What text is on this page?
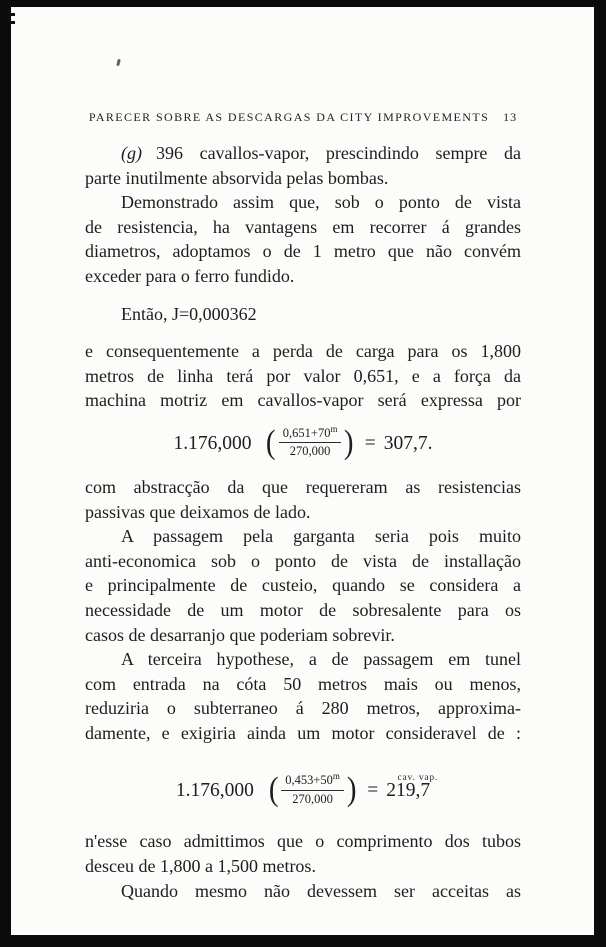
PARECER SOBRE AS DESCARGAS DA CITY IMPROVEMENTS 13
(g) 396 cavallos-vapor, prescindindo sempre da
parte inutilmente absorvida pelas bombas.
Demonstrado assim que, sob o ponto de vista
de resistencia, ha vantagens em recorrer á grandes
diametros, adoptamos o de 1 metro que não convém
exceder para o ferro fundido.
Então, J=0,000362
e consequentemente a perda de carga para os 1,800
metros de linha terá por valor 0,651, e a força da
machina motriz em cavallos-vapor será expressa por
1.176,000 ( $\frac{0,651+70^m}{270,000}$ ) = 307,7.
com abstracção da que requereram as resistencias
passivas que deixamos de lado.
A passagem pela garganta seria pois muito
anti-economica sob o ponto de vista de installação
e principalmente de custeio, quando se considera a
necessidade de um motor de sobresalente para os
casos de desarranjo que poderiam sobrevir.
A terceira hypothese, a de passagem em tunel
com entrada na cóta 50 metros mais ou menos,
reduziria o subterraneo á 280 metros, approxima-
damente, e exigiria ainda um motor consideravel de :
1.176,000 ( $\frac{0,453+50^m}{270,000}$ ) =
cav. vap.
219,7
n'esse caso admittimos que o comprimento dos tubos
desceu de 1,800 a 1,500 metros.
Quando mesmo não devessem ser acceitas as
